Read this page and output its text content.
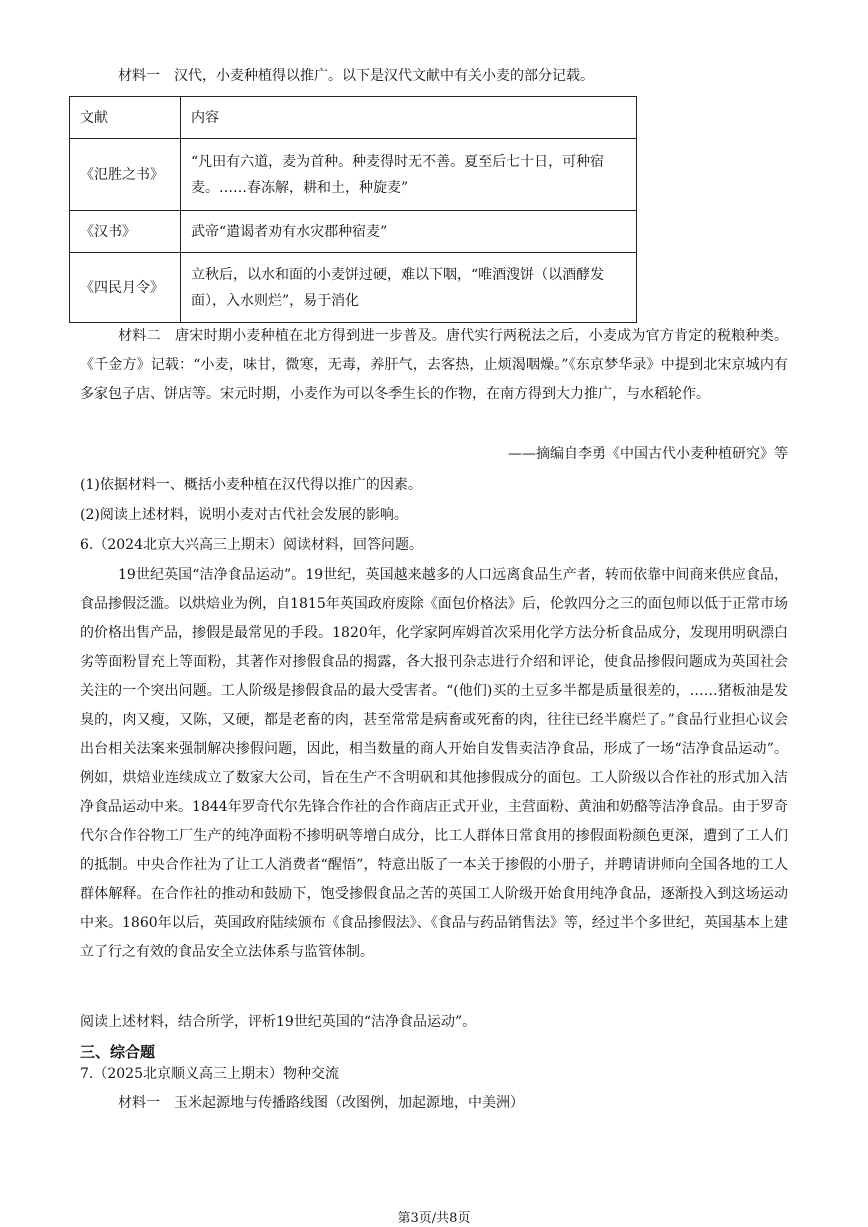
材料一　汉代，小麦种植得以推广。以下是汉代文献中有关小麦的部分记载。
文献	内容
《氾胜之书》	“凡田有六道，麦为首种。种麦得时无不善。夏至后七十日，可种宿麦。……春冻解，耕和土，种旋麦”
《汉书》	武帝“遣谒者劝有水灾郡种宿麦”
《四民月令》	立秋后，以水和面的小麦饼过硬，难以下咽，“唯酒溲饼（以酒酵发面），入水则烂”，易于消化
材料二　唐宋时期小麦种植在北方得到进一步普及。唐代实行两税法之后，小麦成为官方肯定的税粮种类。《千金方》记载：“小麦，味甘，微寒，无毒，养肝气，去客热，止烦渴咽燥。”《东京梦华录》中提到北宋京城内有多家包子店、饼店等。宋元时期，小麦作为可以冬季生长的作物，在南方得到大力推广，与水稻轮作。
——摘编自李勇《中国古代小麦种植研究》等
(1)依据材料一、概括小麦种植在汉代得以推广的因素。
(2)阅读上述材料，说明小麦对古代社会发展的影响。
6.（2024北京大兴高三上期末）阅读材料，回答问题。
19世纪英国“洁净食品运动”。19世纪，英国越来越多的人口远离食品生产者，转而依靠中间商来供应食品，食品掺假泛滥。以烘焙业为例，自1815年英国政府废除《面包价格法》后，伦敦四分之三的面包师以低于正常市场的价格出售产品，掺假是最常见的手段。1820年，化学家阿库姆首次采用化学方法分析食品成分，发现用明矾漂白劣等面粉冒充上等面粉，其著作对掺假食品的揭露，各大报刊杂志进行介绍和评论，使食品掺假问题成为英国社会关注的一个突出问题。工人阶级是掺假食品的最大受害者。“(他们)买的土豆多半都是质量很差的，……猪板油是发臭的，肉又瘦，又陈，又硬，都是老畜的肉，甚至常常是病畜或死畜的肉，往往已经半腐烂了。”食品行业担心议会出台相关法案来强制解决掺假问题，因此，相当数量的商人开始自发售卖洁净食品，形成了一场“洁净食品运动”。例如，烘焙业连续成立了数家大公司，旨在生产不含明矾和其他掺假成分的面包。工人阶级以合作社的形式加入洁净食品运动中来。1844年罗奇代尔先锋合作社的合作商店正式开业，主营面粉、黄油和奶酪等洁净食品。由于罗奇代尔合作谷物工厂生产的纯净面粉不掺明矾等增白成分，比工人群体日常食用的掺假面粉颜色更深，遭到了工人们的抵制。中央合作社为了让工人消费者“醒悟”，特意出版了一本关于掺假的小册子，并聘请讲师向全国各地的工人群体解释。在合作社的推动和鼓励下，饱受掺假食品之苦的英国工人阶级开始食用纯净食品，逐渐投入到这场运动中来。1860年以后，英国政府陆续颁布《食品掺假法》、《食品与药品销售法》等，经过半个多世纪，英国基本上建立了行之有效的食品安全立法体系与监管体制。
阅读上述材料，结合所学，评析19世纪英国的“洁净食品运动”。
三、综合题
7.（2025北京顺义高三上期末）物种交流
材料一　玉米起源地与传播路线图（改图例，加起源地，中美洲）
第3页/共8页
